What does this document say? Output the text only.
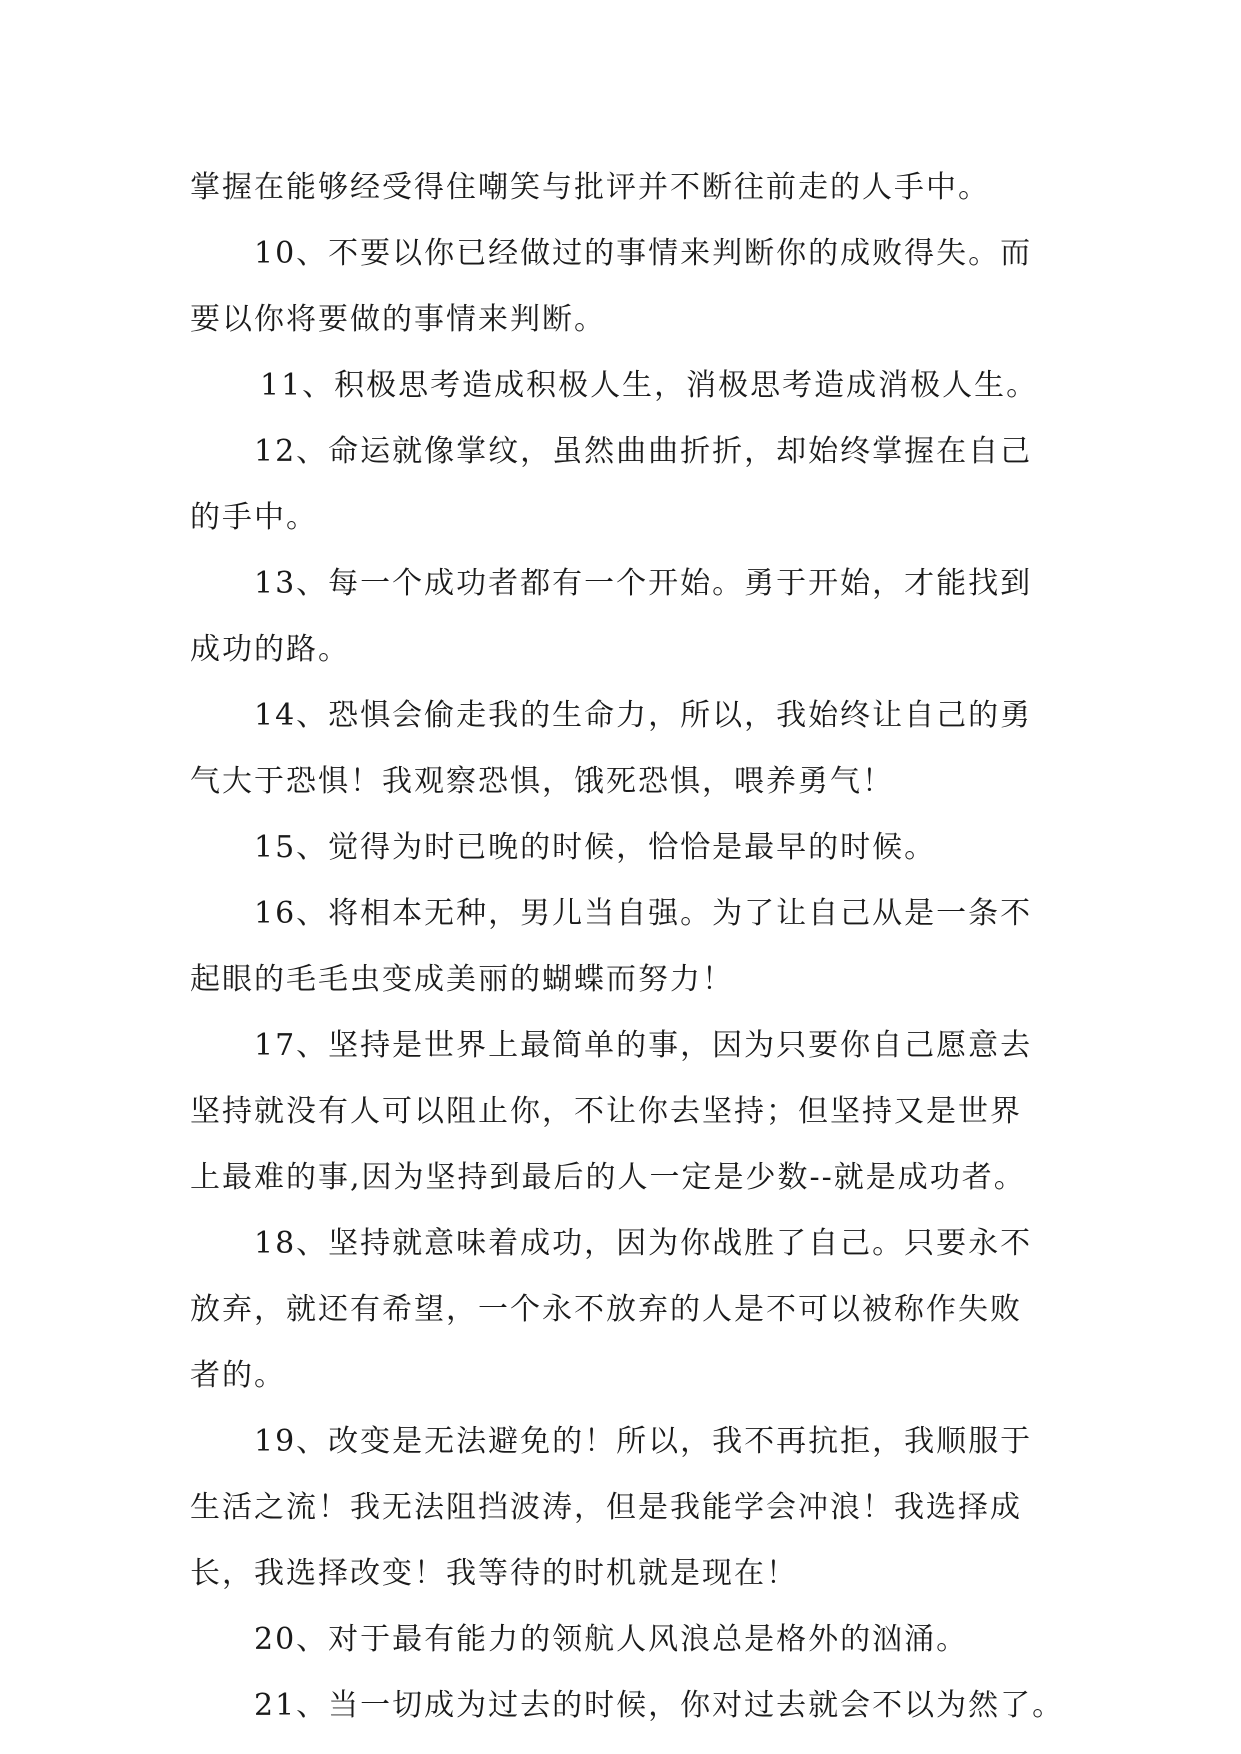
掌握在能够经受得住嘲笑与批评并不断往前走的人手中。
10、不要以你已经做过的事情来判断你的成败得失。而
要以你将要做的事情来判断。
11、积极思考造成积极人生，消极思考造成消极人生。
12、命运就像掌纹，虽然曲曲折折，却始终掌握在自己
的手中。
13、每一个成功者都有一个开始。勇于开始，才能找到
成功的路。
14、恐惧会偷走我的生命力，所以，我始终让自己的勇
气大于恐惧！我观察恐惧，饿死恐惧，喂养勇气！
15、觉得为时已晚的时候，恰恰是最早的时候。
16、将相本无种，男儿当自强。为了让自己从是一条不
起眼的毛毛虫变成美丽的蝴蝶而努力！
17、坚持是世界上最简单的事，因为只要你自己愿意去
坚持就没有人可以阻止你，不让你去坚持；但坚持又是世界
上最难的事,因为坚持到最后的人一定是少数--就是成功者。
18、坚持就意味着成功，因为你战胜了自己。只要永不
放弃，就还有希望，一个永不放弃的人是不可以被称作失败
者的。
19、改变是无法避免的！所以，我不再抗拒，我顺服于
生活之流！我无法阻挡波涛，但是我能学会冲浪！我选择成
长，我选择改变！我等待的时机就是现在！
20、对于最有能力的领航人风浪总是格外的汹涌。
21、当一切成为过去的时候，你对过去就会不以为然了。
